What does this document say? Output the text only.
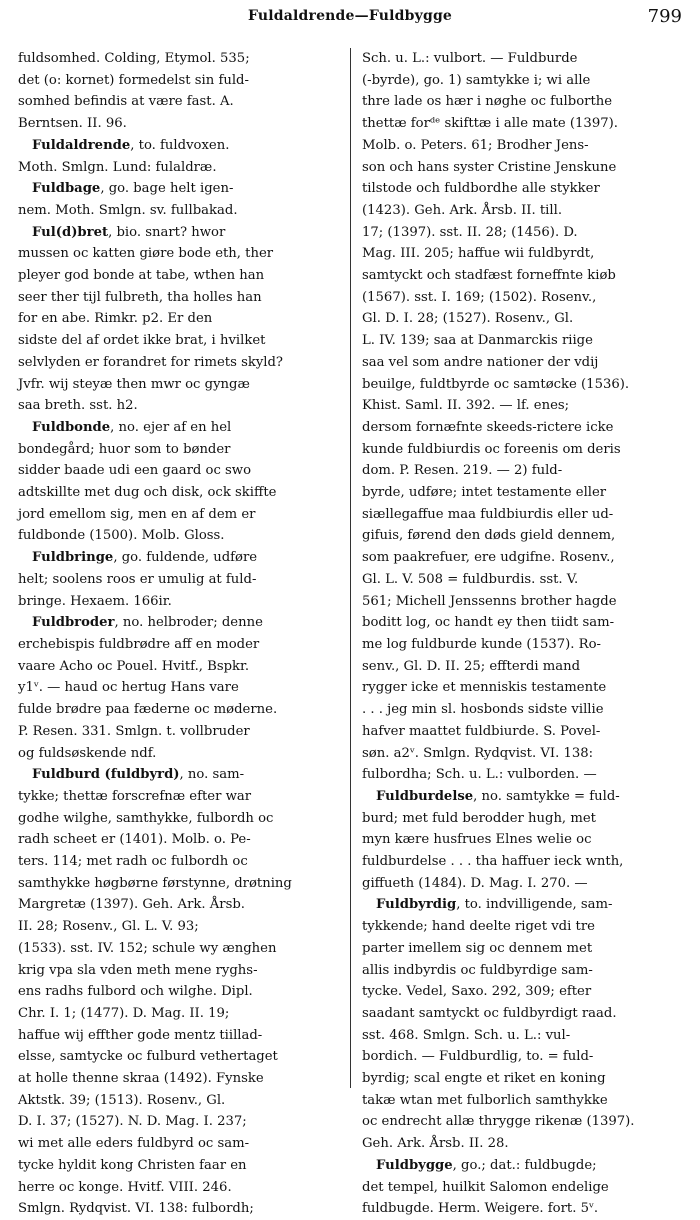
Fuldaldrende—Fuldbygge	799
fuldsomhed. Colding, Etymol. 535;
det (o: kornet) formedelst sin fuld-
somhed befindis at være fast. A.
Berntsen. II. 96.
Fuldaldrende, to. fuldvoxen.
Moth. Smlgn. Lund: fulaldræ.
Fuldbage, go. bage helt igen-
nem. Moth. Smlgn. sv. fullbakad.
Ful(d)bret, bio. snart? hwor
mussen oc katten giøre bode eth, ther
pleyer god bonde at tabe, wthen han
seer ther tijl fulbreth, tha holles han
for en abe. Rimkr. p2. Er den
sidste del af ordet ikke brat, i hvilket
selvlyden er forandret for rimets skyld?
Jvfr. wij steyæ then mwr oc gyngæ
saa breth. sst. h2.
Fuldbonde, no. ejer af en hel
bondegård; huor som to bønder
sidder baade udi een gaard oc swo
adtskillte met dug och disk, ock skiffte
jord emellom sig, men en af dem er
fuldbonde (1500). Molb. Gloss.
Fuldbringe, go. fuldende, udføre
helt; soolens roos er umulig at fuld-
bringe. Hexaem. 166ir.
Fuldbroder, no. helbroder; denne
erchebispis fuldbrødre aff en moder
vaare Acho oc Pouel. Hvitf., Bspkr.
y1ᵛ. — haud oc hertug Hans vare
fulde brødre paa fæderne oc møderne.
P. Resen. 331. Smlgn. t. vollbruder
og fuldsøskende ndf.
Fuldburd (fuldbyrd), no. sam-
tykke; thettæ forscrefnæ efter war
godhe wilghe, samthykke, fulbordh oc
radh scheet er (1401). Molb. o. Pe-
ters. 114; met radh oc fulbordh oc
samthykke høgbørne førstynne, drøtning
Margretæ (1397). Geh. Ark. Årsb.
II. 28; Rosenv., Gl. L. V. 93;
(1533). sst. IV. 152; schule wy ænghen
krig vpa sla vden meth mene ryghs-
ens radhs fulbord och wilghe. Dipl.
Chr. I. 1; (1477). D. Mag. II. 19;
haffue wij effther gode mentz tiillad-
elsse, samtycke oc fulburd vethertaget
at holle thenne skraa (1492). Fynske
Aktstk. 39; (1513). Rosenv., Gl.
D. I. 37; (1527). N. D. Mag. I. 237;
wi met alle eders fuldbyrd oc sam-
tycke hyldit kong Christen faar en
herre oc konge. Hvitf. VIII. 246.
Smlgn. Rydqvist. VI. 138: fulbordh;
Sch. u. L.: vulbort. — Fuldburde
(-byrde), go. 1) samtykke i; wi alle
thre lade os hær i nøghe oc fulborthe
thettæ forᵈᵉ skifttæ i alle mate (1397).
Molb. o. Peters. 61; Brodher Jens-
son och hans syster Cristine Jenskune
tilstode och fuldbordhe alle stykker
(1423). Geh. Ark. Årsb. II. till.
17; (1397). sst. II. 28; (1456). D.
Mag. III. 205; haffue wii fuldbyrdt,
samtyckt och stadfæst forneffnte kiøb
(1567). sst. I. 169; (1502). Rosenv.,
Gl. D. I. 28; (1527). Rosenv., Gl.
L. IV. 139; saa at Danmarckis riige
saa vel som andre nationer der vdij
beuilge, fuldtbyrde oc samtøcke (1536).
Khist. Saml. II. 392. — lf. enes;
dersom fornæfnte skeeds-rictere icke
kunde fuldbiurdis oc foreenis om deris
dom. P. Resen. 219. — 2) fuld-
byrde, udføre; intet testamente eller
siællegaffue maa fuldbiurdis eller ud-
gifuis, førend den døds gield dennem,
som paakrefuer, ere udgifne. Rosenv.,
Gl. L. V. 508 = fuldburdis. sst. V.
561; Michell Jenssenns brother hagde
boditt log, oc handt ey then tiidt sam-
me log fuldburde kunde (1537). Ro-
senv., Gl. D. II. 25; effterdi mand
rygger icke et menniskis testamente
. . . jeg min sl. hosbonds sidste villie
hafver maattet fuldbiurde. S. Povel-
søn. a2ᵛ. Smlgn. Rydqvist. VI. 138:
fulbordha; Sch. u. L.: vulborden. —
Fuldburdelse, no. samtykke = fuld-
burd; met fuld berodder hugh, met
myn kære husfrues Elnes welie oc
fuldburdelse . . . tha haffuer ieck wnth,
giffueth (1484). D. Mag. I. 270. —
Fuldbyrdig, to. indvilligende, sam-
tykkende; hand deelte riget vdi tre
parter imellem sig oc dennem met
allis indbyrdis oc fuldbyrdige sam-
tycke. Vedel, Saxo. 292, 309; efter
saadant samtyckt oc fuldbyrdigt raad.
sst. 468. Smlgn. Sch. u. L.: vul-
bordich. — Fuldburdlig, to. = fuld-
byrdig; scal engte et riket en koning
takæ wtan met fulborlich samthykke
oc endrecht allæ thrygge rikenæ (1397).
Geh. Ark. Årsb. II. 28.
Fuldbygge, go.; dat.: fuldbugde;
det tempel, huilkit Salomon endelige
fuldbugde. Herm. Weigere. fort. 5ᵛ.
